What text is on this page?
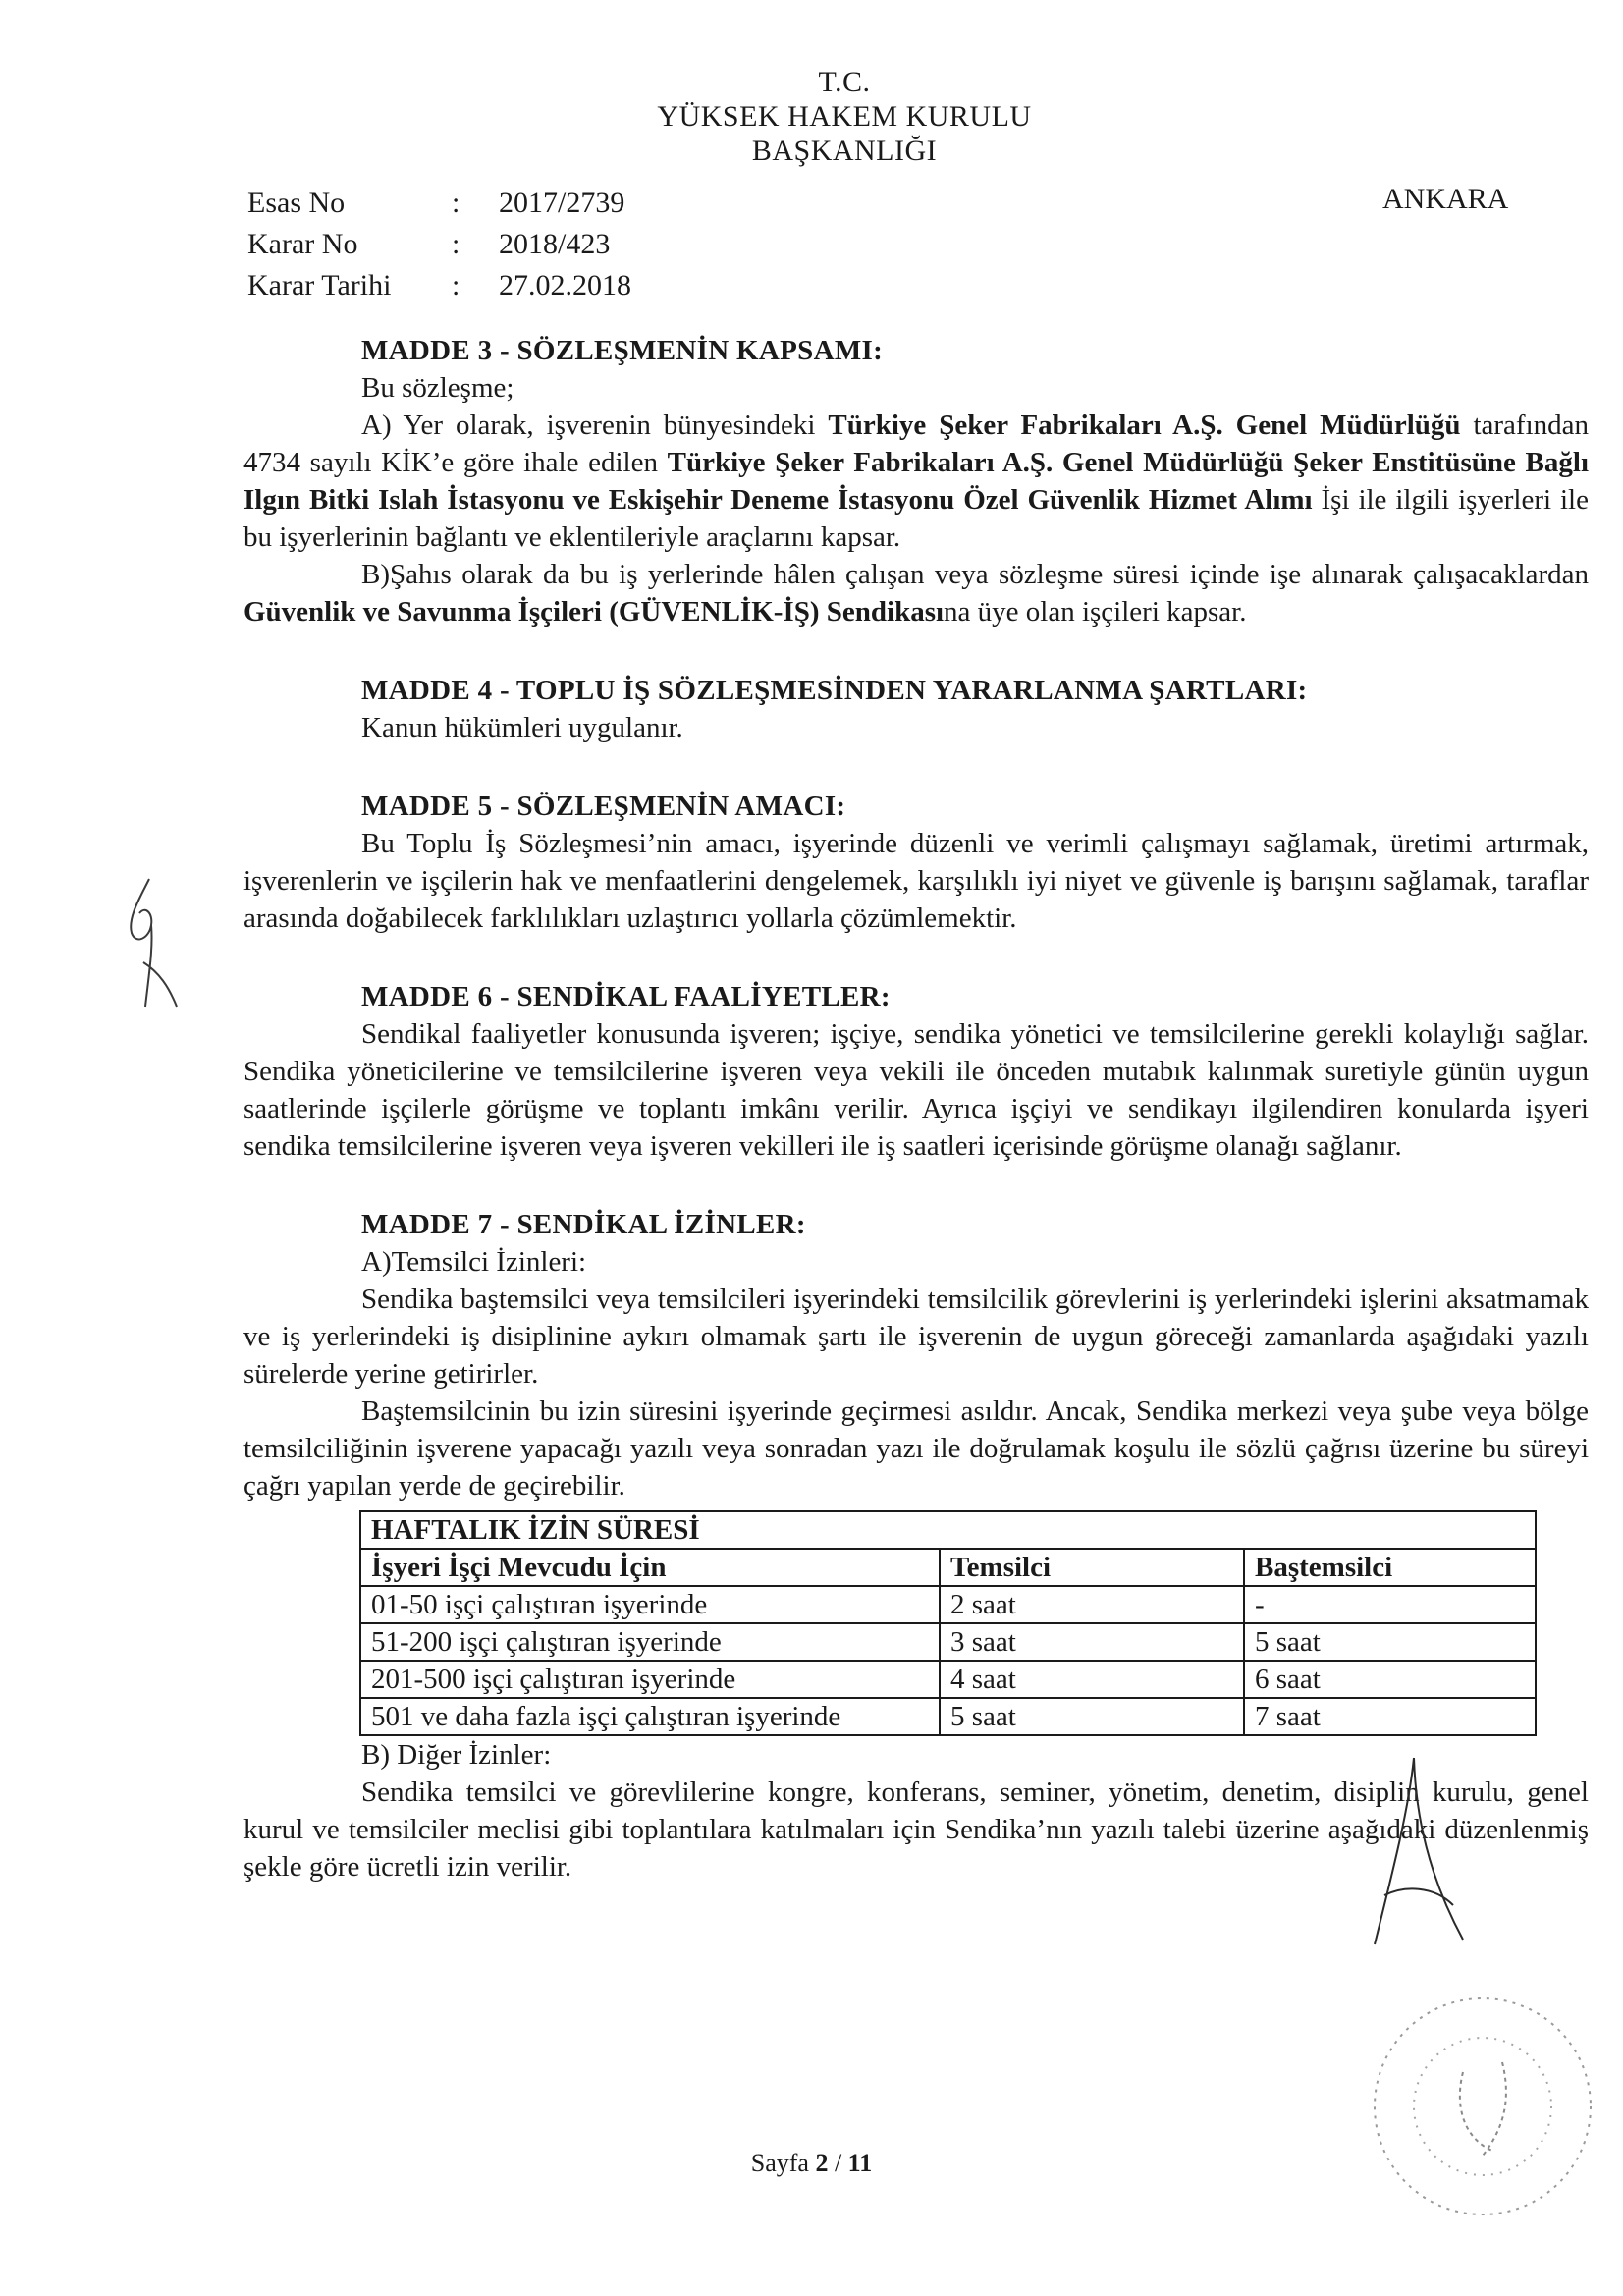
T.C.
YÜKSEK HAKEM KURULU
BAŞKANLIĞI
Esas No	:	2017/2739
Karar No	:	2018/423
Karar Tarihi	:	27.02.2018
ANKARA
MADDE 3 - SÖZLEŞMENİN KAPSAMI:
Bu sözleşme;
A) Yer olarak, işverenin bünyesindeki Türkiye Şeker Fabrikaları A.Ş. Genel Müdürlüğü tarafından 4734 sayılı KİK’e göre ihale edilen Türkiye Şeker Fabrikaları A.Ş. Genel Müdürlüğü Şeker Enstitüsüne Bağlı Ilgın Bitki Islah İstasyonu ve Eskişehir Deneme İstasyonu Özel Güvenlik Hizmet Alımı İşi ile ilgili işyerleri ile bu işyerlerinin bağlantı ve eklentileriyle araçlarını kapsar.
B)Şahıs olarak da bu iş yerlerinde hâlen çalışan veya sözleşme süresi içinde işe alınarak çalışacaklardan Güvenlik ve Savunma İşçileri (GÜVENLİK-İŞ) Sendikasına üye olan işçileri kapsar.
MADDE 4 - TOPLU İŞ SÖZLEŞMESİNDEN YARARLANMA ŞARTLARI:
Kanun hükümleri uygulanır.
MADDE 5 - SÖZLEŞMENİN AMACI:
Bu Toplu İş Sözleşmesi’nin amacı, işyerinde düzenli ve verimli çalışmayı sağlamak, üretimi artırmak, işverenlerin ve işçilerin hak ve menfaatlerini dengelemek, karşılıklı iyi niyet ve güvenle iş barışını sağlamak, taraflar arasında doğabilecek farklılıkları uzlaştırıcı yollarla çözümlemektir.
MADDE 6 - SENDİKAL FAALİYETLER:
Sendikal faaliyetler konusunda işveren; işçiye, sendika yönetici ve temsilcilerine gerekli kolaylığı sağlar. Sendika yöneticilerine ve temsilcilerine işveren veya vekili ile önceden mutabık kalınmak suretiyle günün uygun saatlerinde işçilerle görüşme ve toplantı imkânı verilir. Ayrıca işçiyi ve sendikayı ilgilendiren konularda işyeri sendika temsilcilerine işveren veya işveren vekilleri ile iş saatleri içerisinde görüşme olanağı sağlanır.
MADDE 7 - SENDİKAL İZİNLER:
A)Temsilci İzinleri:
Sendika baştemsilci veya temsilcileri işyerindeki temsilcilik görevlerini iş yerlerindeki işlerini aksatmamak ve iş yerlerindeki iş disiplinine aykırı olmamak şartı ile işverenin de uygun göreceği zamanlarda aşağıdaki yazılı sürelerde yerine getirirler.
Baştemsilcinin bu izin süresini işyerinde geçirmesi asıldır. Ancak, Sendika merkezi veya şube veya bölge temsilciliğinin işverene yapacağı yazılı veya sonradan yazı ile doğrulamak koşulu ile sözlü çağrısı üzerine bu süreyi çağrı yapılan yerde de geçirebilir.
HAFTALIK İZİN SÜRESİ		
İşyeri İşçi Mevcudu İçin	Temsilci	Baştemsilci
01-50 işçi çalıştıran işyerinde	2 saat	-
51-200 işçi çalıştıran işyerinde	3 saat	5 saat
201-500 işçi çalıştıran işyerinde	4 saat	6 saat
501 ve daha fazla işçi çalıştıran işyerinde	5 saat	7 saat
B) Diğer İzinler:
Sendika temsilci ve görevlilerine kongre, konferans, seminer, yönetim, denetim, disiplin kurulu, genel kurul ve temsilciler meclisi gibi toplantılara katılmaları için Sendika’nın yazılı talebi üzerine aşağıdaki düzenlenmiş şekle göre ücretli izin verilir.
Sayfa 2 / 11
